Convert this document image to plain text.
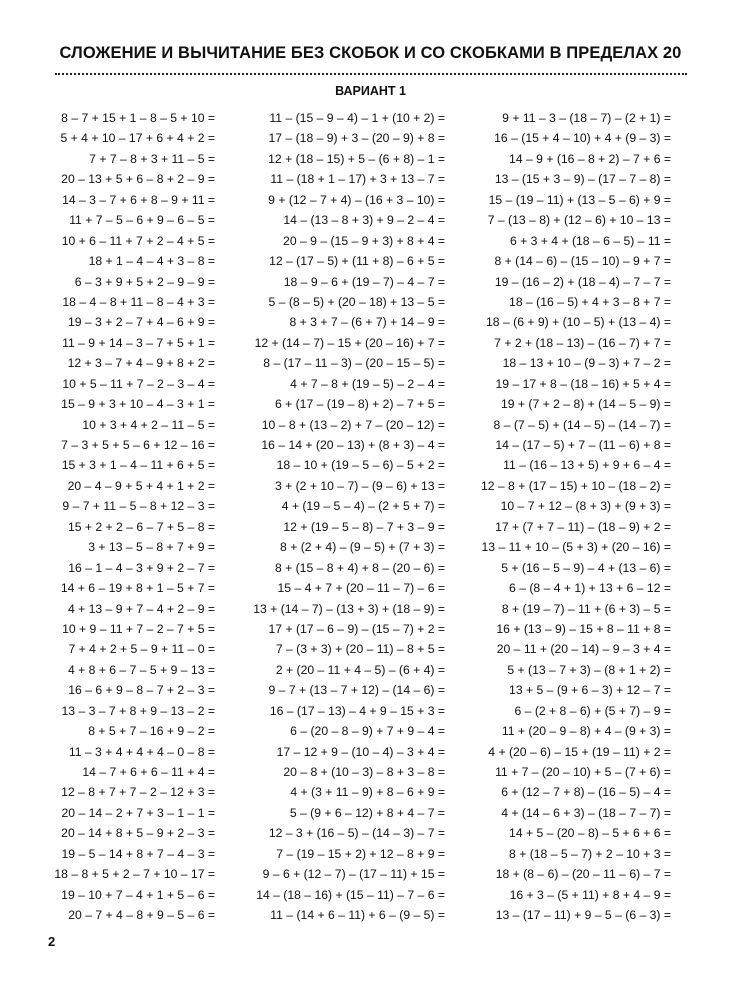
СЛОЖЕНИЕ И ВЫЧИТАНИЕ БЕЗ СКОБОК И СО СКОБКАМИ В ПРЕДЕЛАХ 20
ВАРИАНТ 1
8 – 7 + 15 + 1 – 8 – 5 + 10 =
5 + 4 + 10 – 17 + 6 + 4 + 2 =
7 + 7 – 8 + 3 + 11 – 5 =
20 – 13 + 5 + 6 – 8 + 2 – 9 =
14 – 3 – 7 + 6 + 8 – 9 + 11 =
11 + 7 – 5 – 6 + 9 – 6 – 5 =
10 + 6 – 11 + 7 + 2 – 4 + 5 =
18 + 1 – 4 – 4 + 3 – 8 =
6 – 3 + 9 + 5 + 2 – 9 – 9 =
18 – 4 – 8 + 11 – 8 – 4 + 3 =
19 – 3 + 2 – 7 + 4 – 6 + 9 =
11 – 9 + 14 – 3 – 7 + 5 + 1 =
12 + 3 – 7 + 4 – 9 + 8 + 2 =
10 + 5 – 11 + 7 – 2 – 3 – 4 =
15 – 9 + 3 + 10 – 4 – 3 + 1 =
10 + 3 + 4 + 2 – 11 – 5 =
7 – 3 + 5 + 5 – 6 + 12 – 16 =
15 + 3 + 1 – 4 – 11 + 6 + 5 =
20 – 4 – 9 + 5 + 4 + 1 + 2 =
9 – 7 + 11 – 5 – 8 + 12 – 3 =
15 + 2 + 2 – 6 – 7 + 5 – 8 =
3 + 13 – 5 – 8 + 7 + 9 =
16 – 1 – 4 – 3 + 9 + 2 – 7 =
14 + 6 – 19 + 8 + 1 – 5 + 7 =
4 + 13 – 9 + 7 – 4 + 2 – 9 =
10 + 9 – 11 + 7 – 2 – 7 + 5 =
7 + 4 + 2 + 5 – 9 + 11 – 0 =
4 + 8 + 6 – 7 – 5 + 9 – 13 =
16 – 6 + 9 – 8 – 7 + 2 – 3 =
13 – 3 – 7 + 8 + 9 – 13 – 2 =
8 + 5 + 7 – 16 + 9 – 2 =
11 – 3 + 4 + 4 + 4 – 0 – 8 =
14 – 7 + 6 + 6 – 11 + 4 =
12 – 8 + 7 + 7 – 2 – 12 + 3 =
20 – 14 – 2 + 7 + 3 – 1 – 1 =
20 – 14 + 8 + 5 – 9 + 2 – 3 =
19 – 5 – 14 + 8 + 7 – 4 – 3 =
18 – 8 + 5 + 2 – 7 + 10 – 17 =
19 – 10 + 7 – 4 + 1 + 5 – 6 =
20 – 7 + 4 – 8 + 9 – 5 – 6 =
11 – (15 – 9 – 4) – 1 + (10 + 2) =
17 – (18 – 9) + 3 – (20 – 9) + 8 =
12 + (18 – 15) + 5 – (6 + 8) – 1 =
11 – (18 + 1 – 17) + 3 + 13 – 7 =
9 + (12 – 7 + 4) – (16 + 3 – 10) =
14 – (13 – 8 + 3) + 9 – 2 – 4 =
20 – 9 – (15 – 9 + 3) + 8 + 4 =
12 – (17 – 5) + (11 + 8) – 6 + 5 =
18 – 9 – 6 + (19 – 7) – 4 – 7 =
5 – (8 – 5) + (20 – 18) + 13 – 5 =
8 + 3 + 7 – (6 + 7) + 14 – 9 =
12 + (14 – 7) – 15 + (20 – 16) + 7 =
8 – (17 – 11 – 3) – (20 – 15 – 5) =
4 + 7 – 8 + (19 – 5) – 2 – 4 =
6 + (17 – (19 – 8) + 2) – 7 + 5 =
10 – 8 + (13 – 2) + 7 – (20 – 12) =
16 – 14 + (20 – 13) + (8 + 3) – 4 =
18 – 10 + (19 – 5 – 6) – 5 + 2 =
3 + (2 + 10 – 7) – (9 – 6) + 13 =
4 + (19 – 5 – 4) – (2 + 5 + 7) =
12 + (19 – 5 – 8) – 7 + 3 – 9 =
8 + (2 + 4) – (9 – 5) + (7 + 3) =
8 + (15 – 8 + 4) + 8 – (20 – 6) =
15 – 4 + 7 + (20 – 11 – 7) – 6 =
13 + (14 – 7) – (13 + 3) + (18 – 9) =
17 + (17 – 6 – 9) – (15 – 7) + 2 =
7 – (3 + 3) + (20 – 11) – 8 + 5 =
2 + (20 – 11 + 4 – 5) – (6 + 4) =
9 – 7 + (13 – 7 + 12) – (14 – 6) =
16 – (17 – 13) – 4 + 9 – 15 + 3 =
6 – (20 – 8 – 9) + 7 + 9 – 4 =
17 – 12 + 9 – (10 – 4) – 3 + 4 =
20 – 8 + (10 – 3) – 8 + 3 – 8 =
4 + (3 + 11 – 9) + 8 – 6 + 9 =
5 – (9 + 6 – 12) + 8 + 4 – 7 =
12 – 3 + (16 – 5) – (14 – 3) – 7 =
7 – (19 – 15 + 2) + 12 – 8 + 9 =
9 – 6 + (12 – 7) – (17 – 11) + 15 =
14 – (18 – 16) + (15 – 11) – 7 – 6 =
11 – (14 + 6 – 11) + 6 – (9 – 5) =
9 + 11 – 3 – (18 – 7) – (2 + 1) =
16 – (15 + 4 – 10) + 4 + (9 – 3) =
14 – 9 + (16 – 8 + 2) – 7 + 6 =
13 – (15 + 3 – 9) – (17 – 7 – 8) =
15 – (19 – 11) + (13 – 5 – 6) + 9 =
7 – (13 – 8) + (12 – 6) + 10 – 13 =
6 + 3 + 4 + (18 – 6 – 5) – 11 =
8 + (14 – 6) – (15 – 10) – 9 + 7 =
19 – (16 – 2) + (18 – 4) – 7 – 7 =
18 – (16 – 5) + 4 + 3 – 8 + 7 =
18 – (6 + 9) + (10 – 5) + (13 – 4) =
7 + 2 + (18 – 13) – (16 – 7) + 7 =
18 – 13 + 10 – (9 – 3) + 7 – 2 =
19 – 17 + 8 – (18 – 16) + 5 + 4 =
19 + (7 + 2 – 8) + (14 – 5 – 9) =
8 – (7 – 5) + (14 – 5) – (14 – 7) =
14 – (17 – 5) + 7 – (11 – 6) + 8 =
11 – (16 – 13 + 5) + 9 + 6 – 4 =
12 – 8 + (17 – 15) + 10 – (18 – 2) =
10 – 7 + 12 – (8 + 3) + (9 + 3) =
17 + (7 + 7 – 11) – (18 – 9) + 2 =
13 – 11 + 10 – (5 + 3) + (20 – 16) =
5 + (16 – 5 – 9) – 4 + (13 – 6) =
6 – (8 – 4 + 1) + 13 + 6 – 12 =
8 + (19 – 7) – 11 + (6 + 3) – 5 =
16 + (13 – 9) – 15 + 8 – 11 + 8 =
20 – 11 + (20 – 14) – 9 – 3 + 4 =
5 + (13 – 7 + 3) – (8 + 1 + 2) =
13 + 5 – (9 + 6 – 3) + 12 – 7 =
6 – (2 + 8 – 6) + (5 + 7) – 9 =
11 + (20 – 9 – 8) + 4 – (9 + 3) =
4 + (20 – 6) – 15 + (19 – 11) + 2 =
11 + 7 – (20 – 10) + 5 – (7 + 6) =
6 + (12 – 7 + 8) – (16 – 5) – 4 =
4 + (14 – 6 + 3) – (18 – 7 – 7) =
14 + 5 – (20 – 8) – 5 + 6 + 6 =
8 + (18 – 5 – 7) + 2 – 10 + 3 =
18 + (8 – 6) – (20 – 11 – 6) – 7 =
16 + 3 – (5 + 11) + 8 + 4 – 9 =
13 – (17 – 11) + 9 – 5 – (6 – 3) =
2
